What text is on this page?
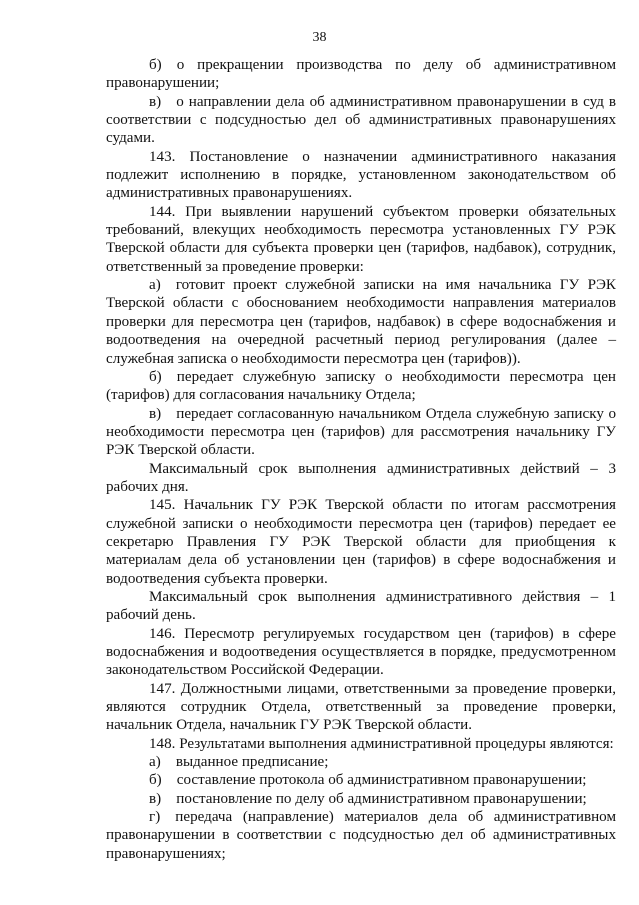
38

б) о прекращении производства по делу об административном правонарушении;

в) о направлении дела об административном правонарушении в суд в соответствии с подсудностью дел об административных правонарушениях судами.

143. Постановление о назначении административного наказания подлежит исполнению в порядке, установленном законодательством об административных правонарушениях.

144. При выявлении нарушений субъектом проверки обязательных требований, влекущих необходимость пересмотра установленных ГУ РЭК Тверской области для субъекта проверки цен (тарифов, надбавок), сотрудник, ответственный за проведение проверки:

а) готовит проект служебной записки на имя начальника ГУ РЭК Тверской области с обоснованием необходимости направления материалов проверки для пересмотра цен (тарифов, надбавок) в сфере водоснабжения и водоотведения на очередной расчетный период регулирования (далее – служебная записка о необходимости пересмотра цен (тарифов)).

б) передает служебную записку о необходимости пересмотра цен (тарифов) для согласования начальнику Отдела;

в) передает согласованную начальником Отдела служебную записку о необходимости пересмотра цен (тарифов) для рассмотрения начальнику ГУ РЭК Тверской области.

Максимальный срок выполнения административных действий – 3 рабочих дня.

145. Начальник ГУ РЭК Тверской области по итогам рассмотрения служебной записки о необходимости пересмотра цен (тарифов) передает ее секретарю Правления ГУ РЭК Тверской области для приобщения к материалам дела об установлении цен (тарифов) в сфере водоснабжения и водоотведения субъекта проверки.

Максимальный срок выполнения административного действия – 1 рабочий день.

146. Пересмотр регулируемых государством цен (тарифов) в сфере водоснабжения и водоотведения осуществляется в порядке, предусмотренном законодательством Российской Федерации.

147. Должностными лицами, ответственными за проведение проверки, являются сотрудник Отдела, ответственный за проведение проверки, начальник Отдела, начальник ГУ РЭК Тверской области.

148. Результатами выполнения административной процедуры являются:

а) выданное предписание;

б) составление протокола об административном правонарушении;

в) постановление по делу об административном правонарушении;

г) передача (направление) материалов дела об административном правонарушении в соответствии с подсудностью дел об административных правонарушениях;
